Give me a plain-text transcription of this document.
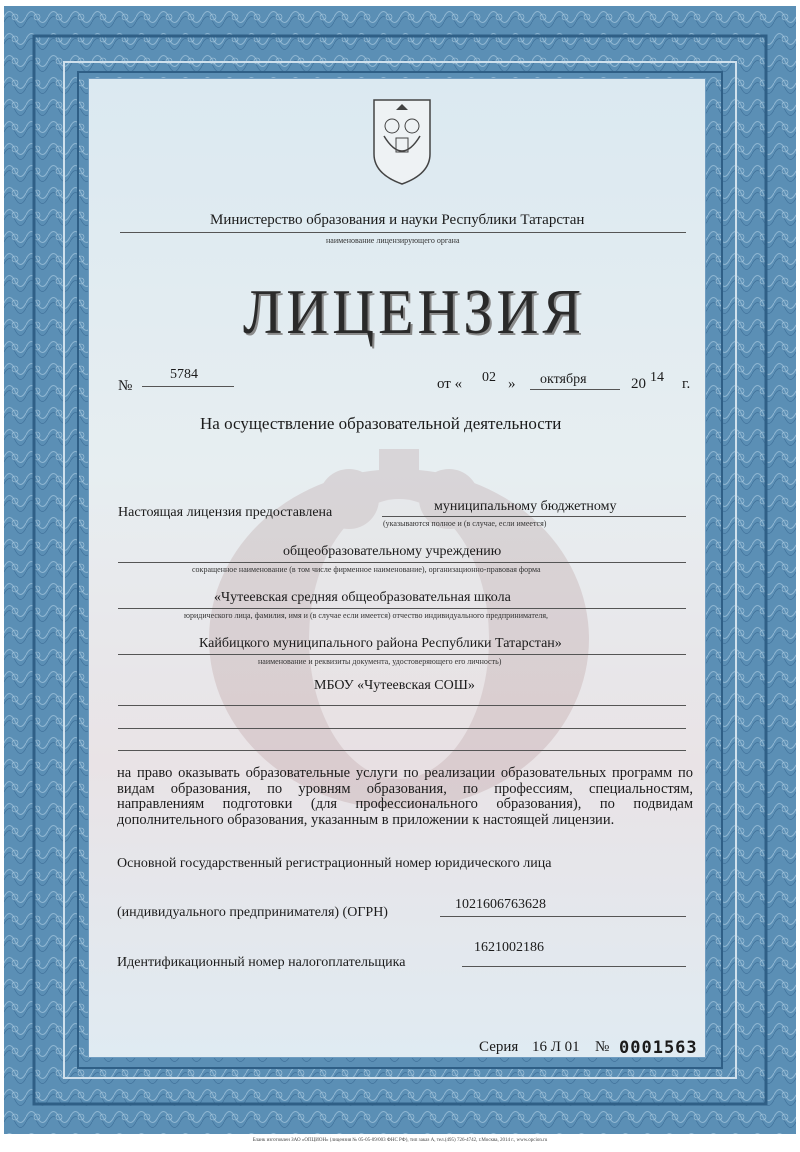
Министерство образования и науки Республики Татарстан
наименование лицензирующего органа
ЛИЦЕНЗИЯ
№
5784
от « 02 » октября	20 14 г.
На осуществление образовательной деятельности
Настоящая лицензия предоставлена	муниципальному бюджетному
(указываются полное и (в случае, если имеется)
общеобразовательному учреждению
сокращенное наименование (в том числе фирменное наименование), организационно-правовая форма
«Чутеевская средняя общеобразовательная школа
юридического лица, фамилия, имя и (в случае если имеется) отчество индивидуального предпринимателя,
Кайбицкого муниципального района Республики Татарстан»
наименование и реквизиты документа, удостоверяющего его личность)
МБОУ «Чутеевская СОШ»
на право оказывать образовательные услуги по реализации образовательных программ по видам образования, по уровням образования, по профессиям, специальностям, направлениям подготовки (для профессионального образования), по подвидам дополнительного образования, указанным в приложении к настоящей лицензии.
Основной государственный регистрационный номер юридического лица
(индивидуального предпринимателя) (ОГРН)
1021606763628
Идентификационный номер налогоплательщика
1621002186
Серия 16 Л 01 № 0001563
Бланк изготовлен ЗАО «ОПЦИОН» (лицензия № 05-05-09/003 ФНС РФ), тип заказ А, тел.(495) 726-4742, г.Москва, 2014 г., www.opcion.ru
